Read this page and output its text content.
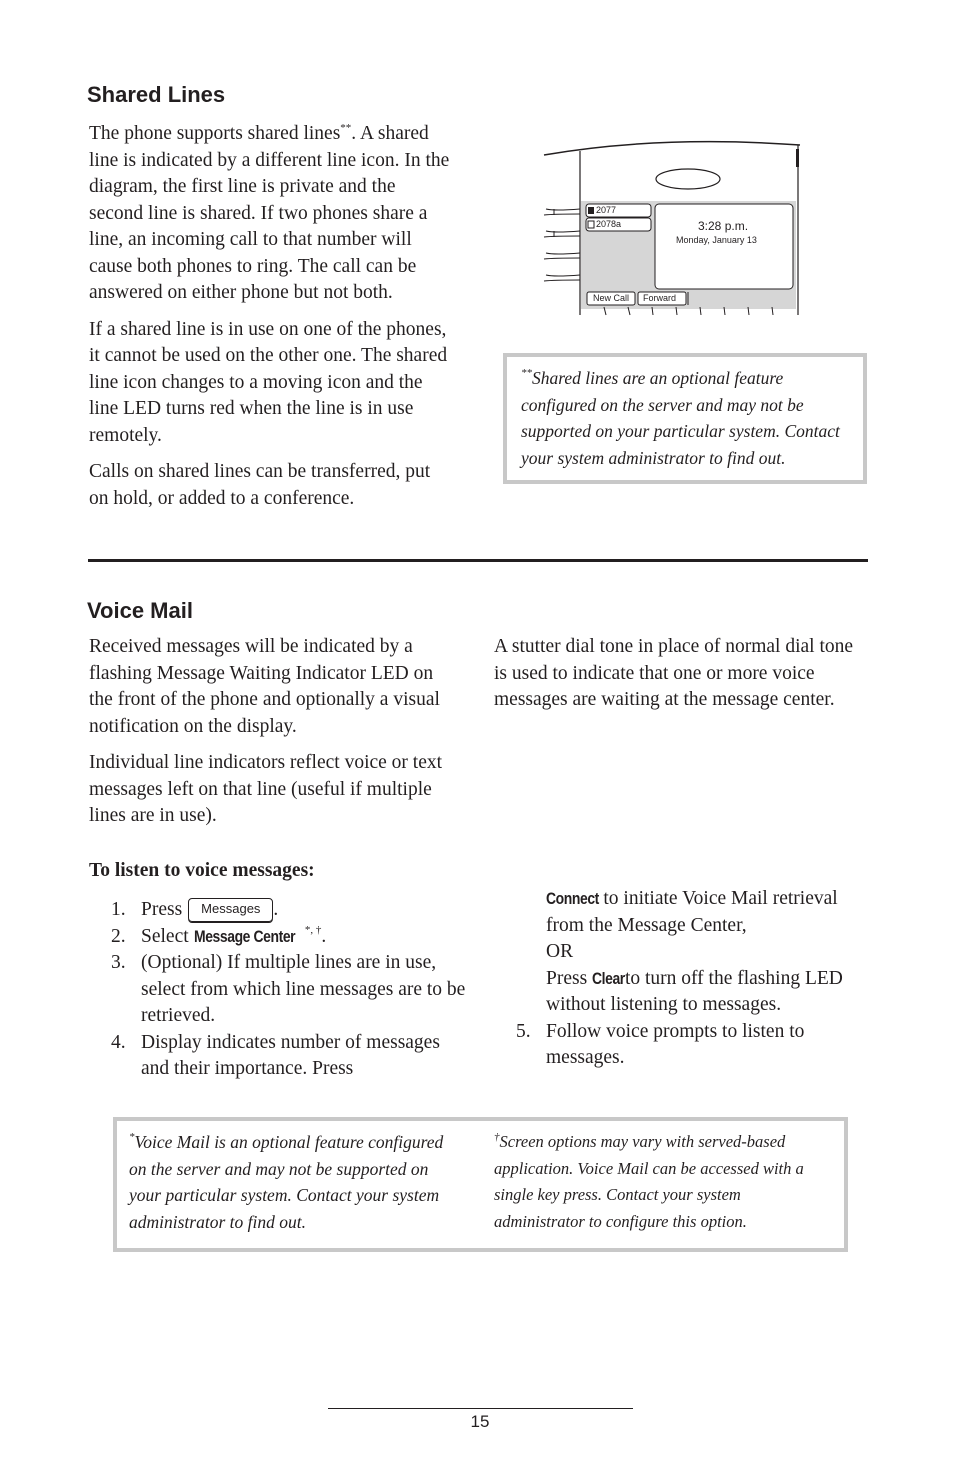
Shared Lines

The phone supports shared lines**. A shared line is indicated by a different line icon. In the diagram, the first line is private and the second line is shared. If two phones share a line, an incoming call to that number will cause both phones to ring. The call can be answered on either phone but not both.

If a shared line is in use on one of the phones, it cannot be used on the other one. The shared line icon changes to a moving icon and the line LED turns red when the line is in use remotely.

Calls on shared lines can be transferred, put on hold, or added to a conference.

2077
2078a	3:28 p.m.
Monday, January 13
New Call Forward
**Shared lines are an optional feature configured on the server and may not be supported on your particular system. Contact your system administrator to find out.
Voice Mail

Received messages will be indicated by a flashing Message Waiting Indicator LED on the front of the phone and optionally a visual notification on the display.

Individual line indicators reflect voice or text messages left on that line (useful if multiple lines are in use).

A stutter dial tone in place of normal dial tone is used to indicate that one or more voice messages are waiting at the message center.

To listen to voice messages:
1. Press Messages .
2. Select Message Center *, †.
3. (Optional) If multiple lines are in use, select from which line messages are to be retrieved.
4. Display indicates number of messages and their importance. Press
Connect to initiate Voice Mail retrieval from the Message Center,
OR
Press Clear to turn off the flashing LED without listening to messages.
5. Follow voice prompts to listen to messages.
*Voice Mail is an optional feature configured on the server and may not be supported on your particular system. Contact your system administrator to find out.
†Screen options may vary with served-based application. Voice Mail can be accessed with a single key press. Contact your system administrator to configure this option.
15
